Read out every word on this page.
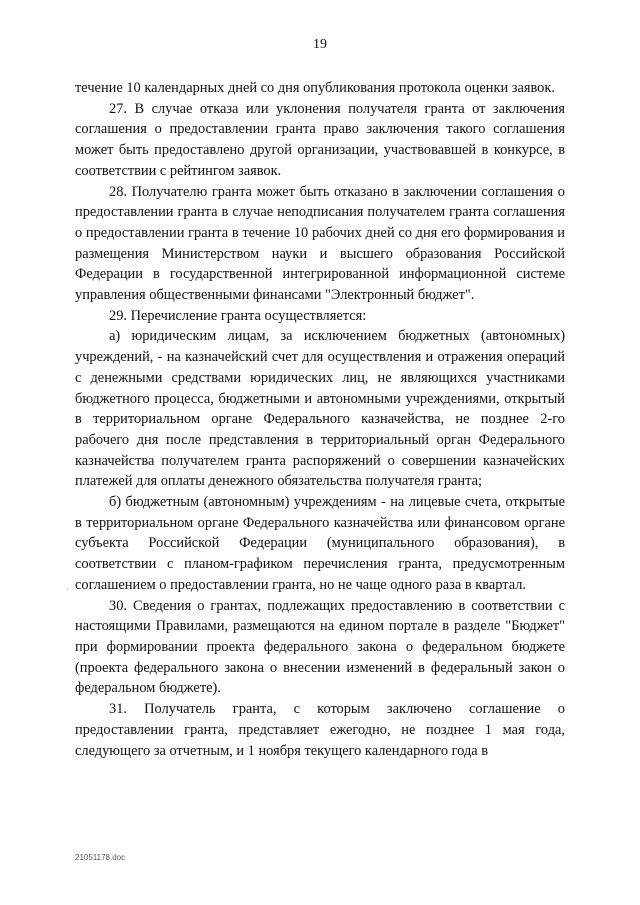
19

течение 10 календарных дней со дня опубликования протокола оценки заявок.

27. В случае отказа или уклонения получателя гранта от заключения соглашения о предоставлении гранта право заключения такого соглашения может быть предоставлено другой организации, участвовавшей в конкурсе, в соответствии с рейтингом заявок.

28. Получателю гранта может быть отказано в заключении соглашения о предоставлении гранта в случае неподписания получателем гранта соглашения о предоставлении гранта в течение 10 рабочих дней со дня его формирования и размещения Министерством науки и высшего образования Российской Федерации в государственной интегрированной информационной системе управления общественными финансами "Электронный бюджет".

29. Перечисление гранта осуществляется:

а) юридическим лицам, за исключением бюджетных (автономных) учреждений, - на казначейский счет для осуществления и отражения операций с денежными средствами юридических лиц, не являющихся участниками бюджетного процесса, бюджетными и автономными учреждениями, открытый в территориальном органе Федерального казначейства, не позднее 2-го рабочего дня после представления в территориальный орган Федерального казначейства получателем гранта распоряжений о совершении казначейских платежей для оплаты денежного обязательства получателя гранта;

б) бюджетным (автономным) учреждениям - на лицевые счета, открытые в территориальном органе Федерального казначейства или финансовом органе субъекта Российской Федерации (муниципального образования), в соответствии с планом-графиком перечисления гранта, предусмотренным соглашением о предоставлении гранта, но не чаще одного раза в квартал.

30. Сведения о грантах, подлежащих предоставлению в соответствии с настоящими Правилами, размещаются на едином портале в разделе "Бюджет" при формировании проекта федерального закона о федеральном бюджете (проекта федерального закона о внесении изменений в федеральный закон о федеральном бюджете).

31. Получатель гранта, с которым заключено соглашение о предоставлении гранта, представляет ежегодно, не позднее 1 мая года, следующего за отчетным, и 1 ноября текущего календарного года в

·
21051178.doc
